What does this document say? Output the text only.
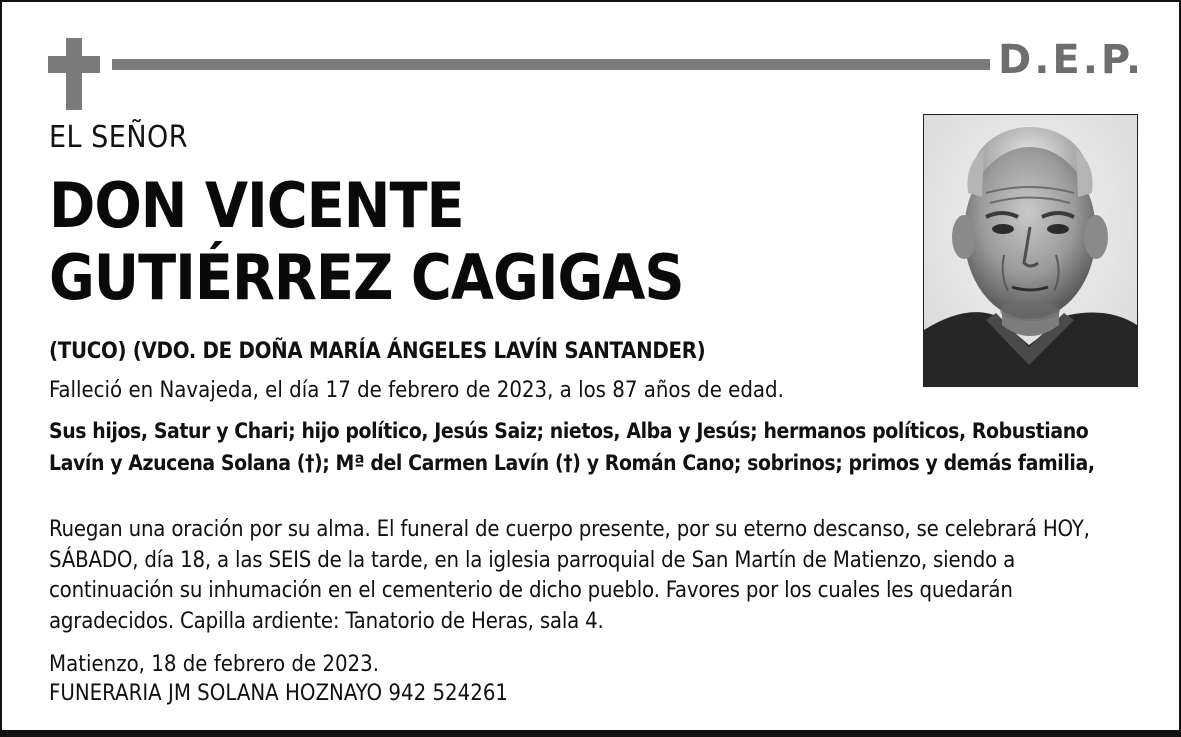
D.E.P.

EL SEÑOR

DON VICENTE
GUTIÉRREZ CAGIGAS

(TUCO) (VDO. DE DOÑA MARÍA ÁNGELES LAVÍN SANTANDER)

Falleció en Navajeda, el día 17 de febrero de 2023, a los 87 años de edad.

Sus hijos, Satur y Chari; hijo político, Jesús Saiz; nietos, Alba y Jesús; hermanos políticos, Robustiano Lavín y Azucena Solana (†); Mª del Carmen Lavín (†) y Román Cano; sobrinos; primos y demás familia,

Ruegan una oración por su alma. El funeral de cuerpo presente, por su eterno descanso, se celebrará HOY, SÁBADO, día 18, a las SEIS de la tarde, en la iglesia parroquial de San Martín de Matienzo, siendo a continuación su inhumación en el cementerio de dicho pueblo. Favores por los cuales les quedarán agradecidos. Capilla ardiente: Tanatorio de Heras, sala 4.

Matienzo, 18 de febrero de 2023.

FUNERARIA JM SOLANA HOZNAYO 942 524261
